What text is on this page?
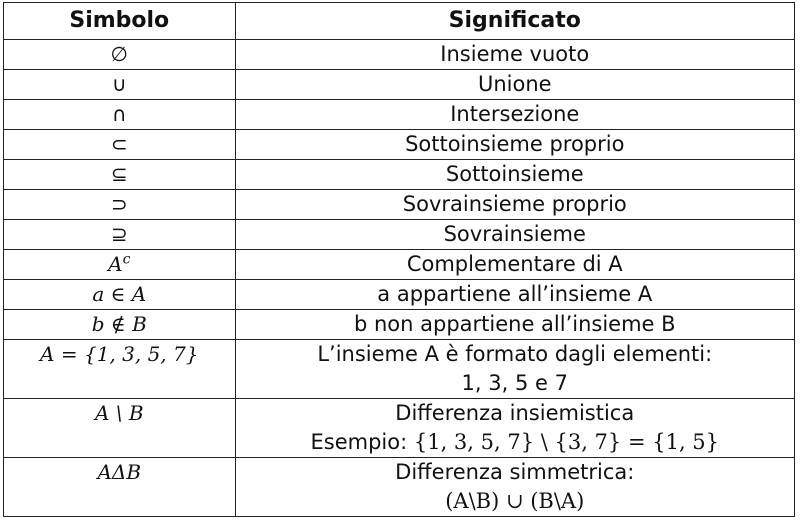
Simbolo	Significato
∅	Insieme vuoto
∪	Unione
∩	Intersezione
⊂	Sottoinsieme proprio
⊆	Sottoinsieme
⊃	Sovrainsieme proprio
⊇	Sovrainsieme
$A^c$	Complementare di A
a ∈ A	a appartiene all’insieme A
b ∉ B	b non appartiene all’insieme B
A = {1, 3, 5, 7}	L’insieme A è formato dagli elementi:
1, 3, 5 e 7

A \ B	Differenza insiemistica
Esempio: {1, 3, 5, 7} \ {3, 7} = {1, 5}

AΔB	Differenza simmetrica:
(A\B) ∪ (B\A)
